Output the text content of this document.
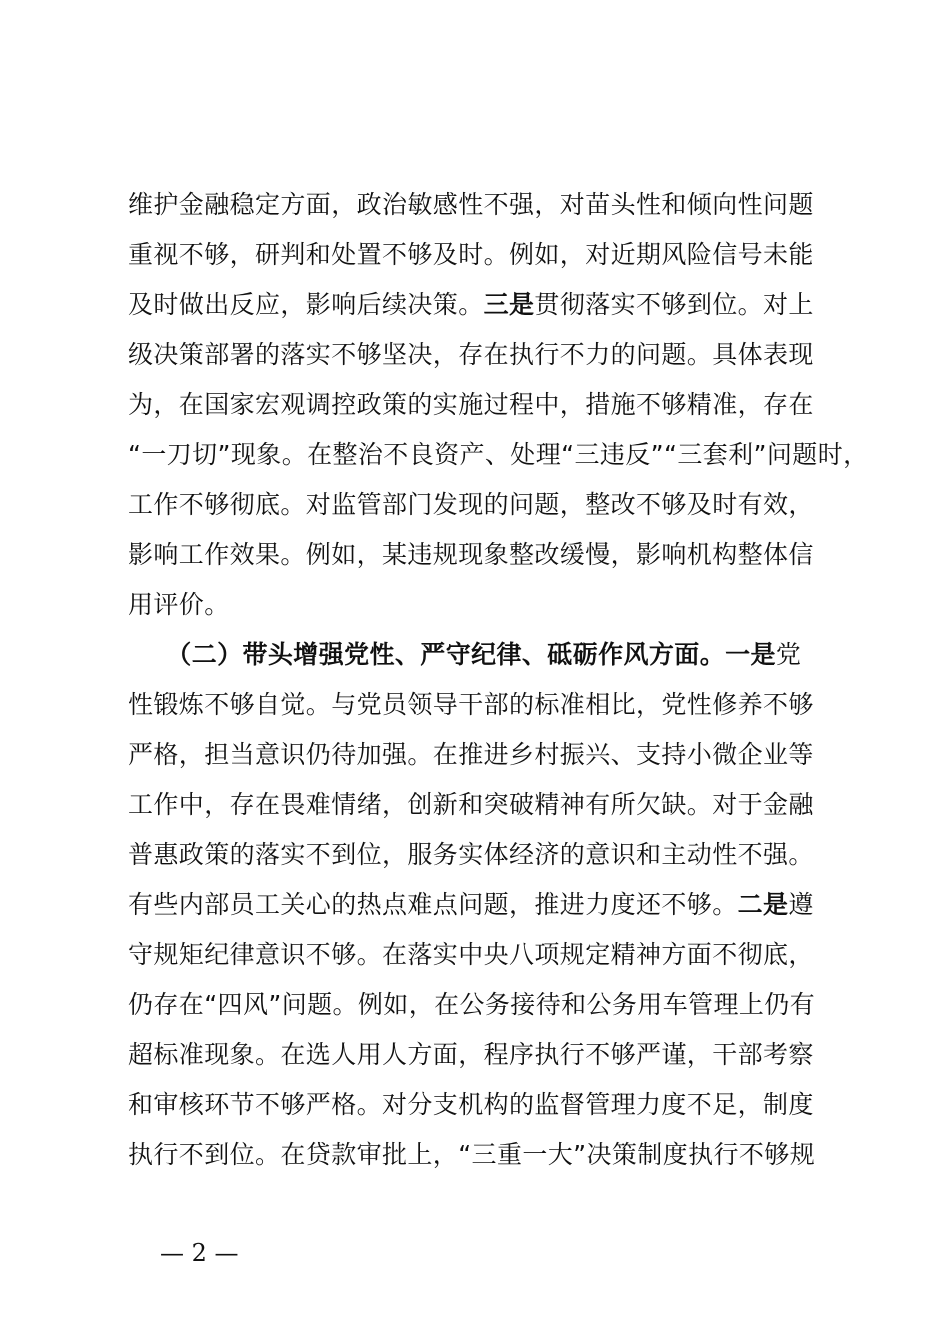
维护金融稳定方面，政治敏感性不强，对苗头性和倾向性问题
重视不够，研判和处置不够及时。例如，对近期风险信号未能
及时做出反应，影响后续决策。三是贯彻落实不够到位。对上
级决策部署的落实不够坚决，存在执行不力的问题。具体表现
为，在国家宏观调控政策的实施过程中，措施不够精准，存在
“一刀切”现象。在整治不良资产、处理“三违反”“三套利”问题时，
工作不够彻底。对监管部门发现的问题，整改不够及时有效，
影响工作效果。例如，某违规现象整改缓慢，影响机构整体信
用评价。
　　（二）带头增强党性、严守纪律、砥砺作风方面。一是党
性锻炼不够自觉。与党员领导干部的标准相比，党性修养不够
严格，担当意识仍待加强。在推进乡村振兴、支持小微企业等
工作中，存在畏难情绪，创新和突破精神有所欠缺。对于金融
普惠政策的落实不到位，服务实体经济的意识和主动性不强。
有些内部员工关心的热点难点问题，推进力度还不够。二是遵
守规矩纪律意识不够。在落实中央八项规定精神方面不彻底，
仍存在“四风”问题。例如，在公务接待和公务用车管理上仍有
超标准现象。在选人用人方面，程序执行不够严谨，干部考察
和审核环节不够严格。对分支机构的监督管理力度不足，制度
执行不到位。在贷款审批上，“三重一大”决策制度执行不够规
— 2 —
